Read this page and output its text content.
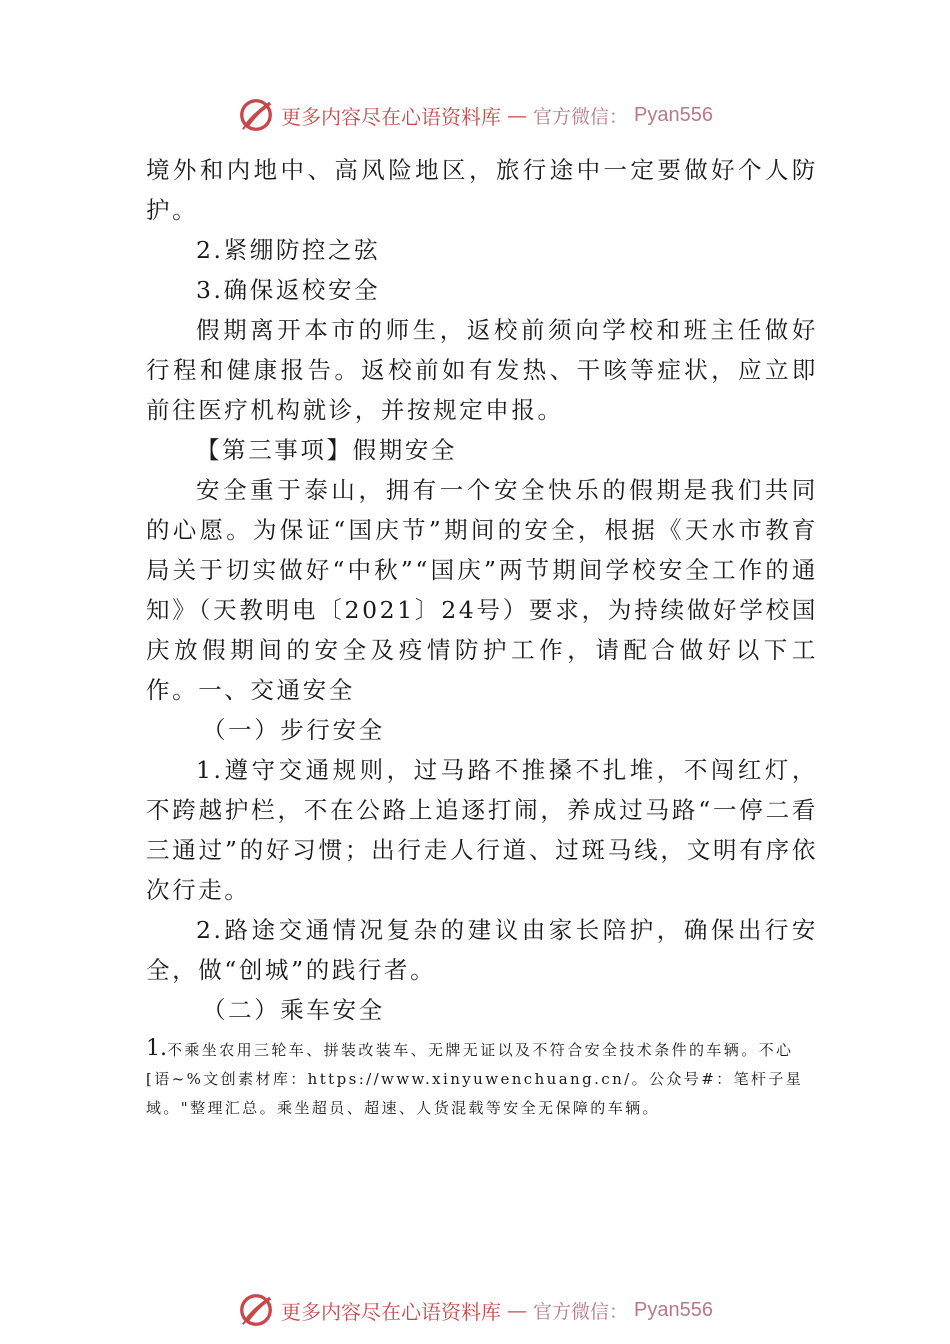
更多内容尽在心语资料库 — 官方微信： Pyan556

境外和内地中、高风险地区，旅行途中一定要做好个人防护。

2.紧绷防控之弦

3.确保返校安全

假期离开本市的师生，返校前须向学校和班主任做好行程和健康报告。返校前如有发热、干咳等症状，应立即前往医疗机构就诊，并按规定申报。

【第三事项】假期安全

安全重于泰山，拥有一个安全快乐的假期是我们共同的心愿。为保证“国庆节”期间的安全，根据《天水市教育局关于切实做好“中秋”“国庆”两节期间学校安全工作的通知》（天教明电〔2021〕24号）要求，为持续做好学校国庆放假期间的安全及疫情防护工作，请配合做好以下工作。一、交通安全

（一）步行安全

1.遵守交通规则，过马路不推搡不扎堆，不闯红灯，不跨越护栏，不在公路上追逐打闹，养成过马路“一停二看三通过”的好习惯；出行走人行道、过斑马线，文明有序依次行走。

2.路途交通情况复杂的建议由家长陪护，确保出行安全，做“创城”的践行者。

（二）乘车安全

1.不乘坐农用三轮车、拼装改装车、无牌无证以及不符合安全技术条件的车辆。不心[语~%文创素材库：https://www.xinyuwenchuang.cn/。公众号#：笔杆子星域。"整理汇总。乘坐超员、超速、人货混载等安全无保障的车辆。

更多内容尽在心语资料库 — 官方微信： Pyan556
